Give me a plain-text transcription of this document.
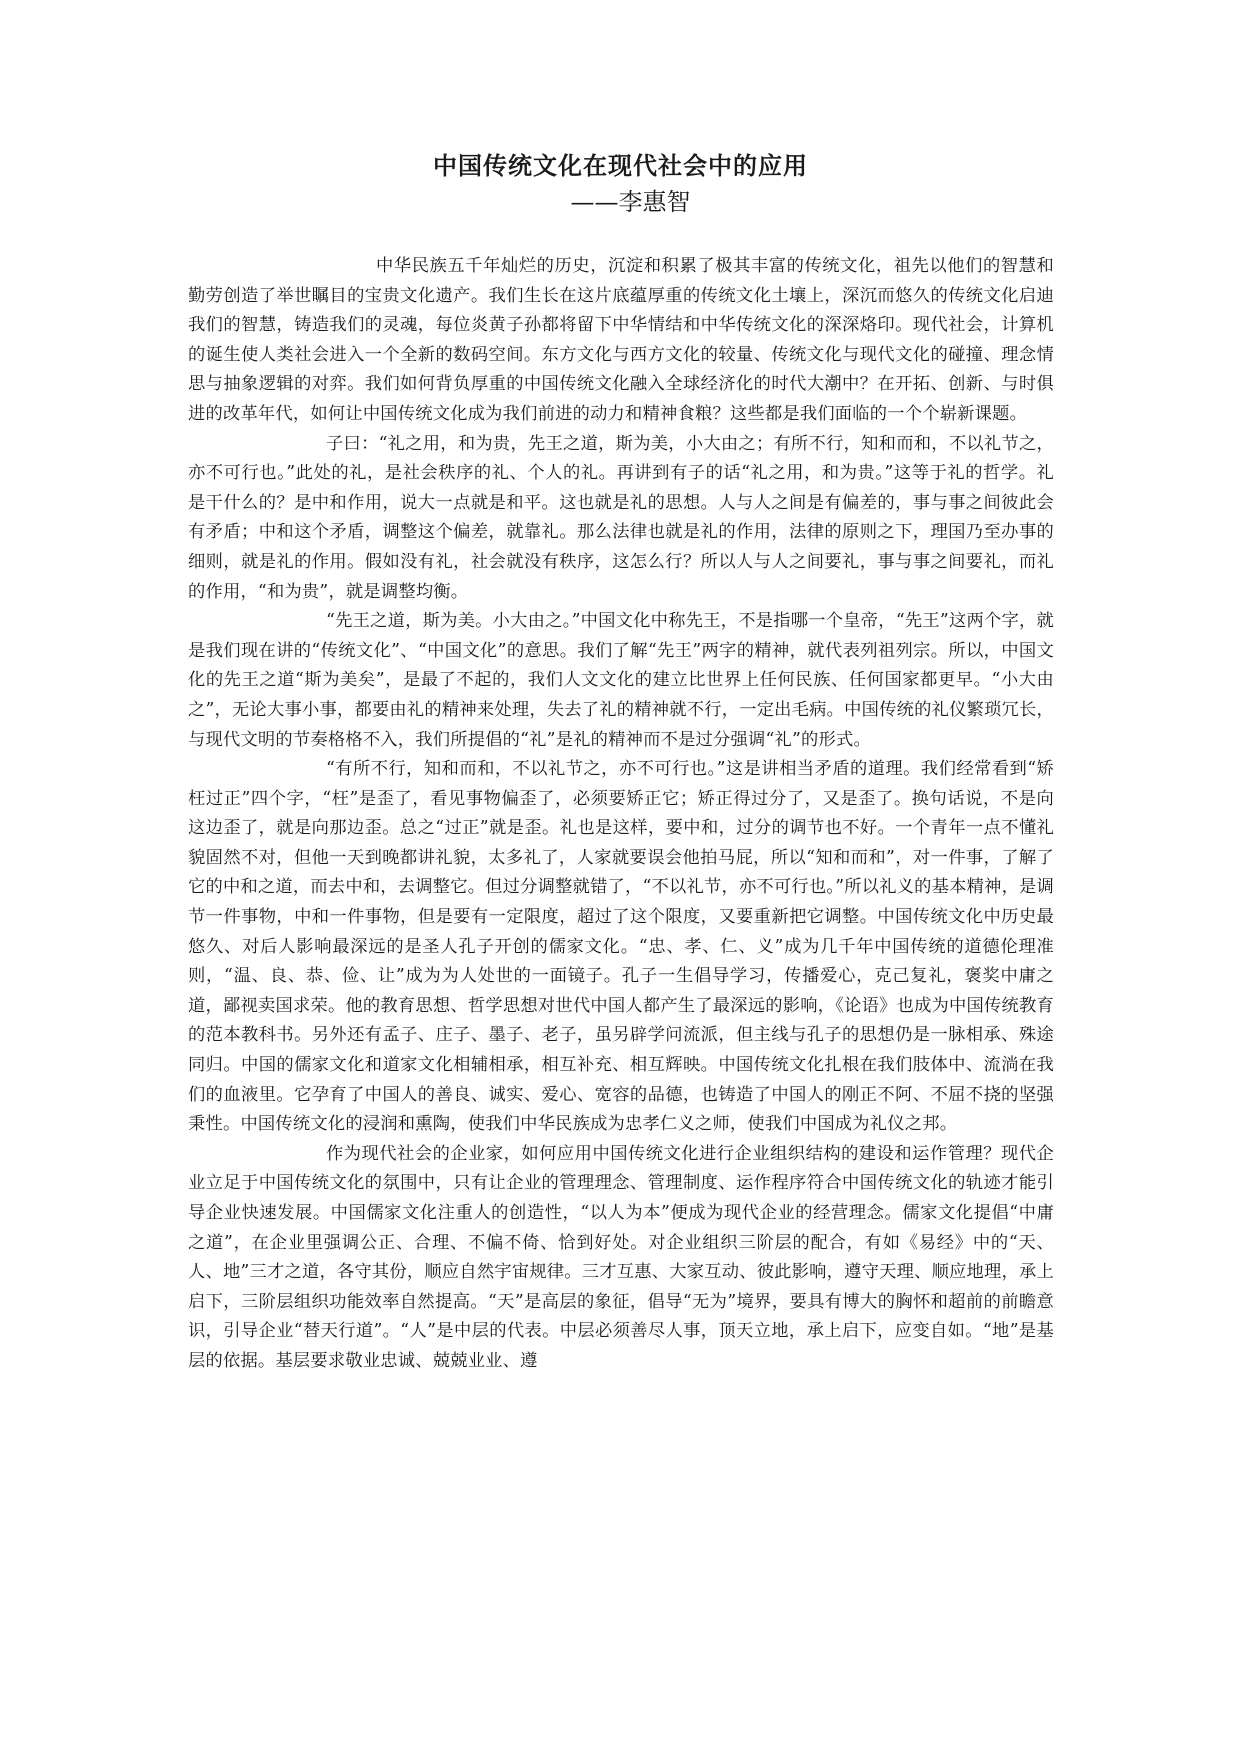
中国传统文化在现代社会中的应用
——李惠智

中华民族五千年灿烂的历史，沉淀和积累了极其丰富的传统文化，祖先以他们的智慧和勤劳创造了举世瞩目的宝贵文化遗产。我们生长在这片底蕴厚重的传统文化土壤上，深沉而悠久的传统文化启迪我们的智慧，铸造我们的灵魂，每位炎黄子孙都将留下中华情结和中华传统文化的深深烙印。现代社会，计算机的诞生使人类社会进入一个全新的数码空间。东方文化与西方文化的较量、传统文化与现代文化的碰撞、理念情思与抽象逻辑的对弈。我们如何背负厚重的中国传统文化融入全球经济化的时代大潮中？在开拓、创新、与时俱进的改革年代，如何让中国传统文化成为我们前进的动力和精神食粮？这些都是我们面临的一个个崭新课题。

子曰：“礼之用，和为贵，先王之道，斯为美，小大由之；有所不行，知和而和，不以礼节之，亦不可行也。”此处的礼，是社会秩序的礼、个人的礼。再讲到有子的话“礼之用，和为贵。”这等于礼的哲学。礼是干什么的？是中和作用，说大一点就是和平。这也就是礼的思想。人与人之间是有偏差的，事与事之间彼此会有矛盾；中和这个矛盾，调整这个偏差，就靠礼。那么法律也就是礼的作用，法律的原则之下，理国乃至办事的细则，就是礼的作用。假如没有礼，社会就没有秩序，这怎么行？所以人与人之间要礼，事与事之间要礼，而礼的作用，“和为贵”，就是调整均衡。

“先王之道，斯为美。小大由之。”中国文化中称先王，不是指哪一个皇帝，“先王”这两个字，就是我们现在讲的“传统文化”、“中国文化”的意思。我们了解“先王”两字的精神，就代表列祖列宗。所以，中国文化的先王之道“斯为美矣”，是最了不起的，我们人文文化的建立比世界上任何民族、任何国家都更早。“小大由之”，无论大事小事，都要由礼的精神来处理，失去了礼的精神就不行，一定出毛病。中国传统的礼仪繁琐冗长，与现代文明的节奏格格不入，我们所提倡的“礼”是礼的精神而不是过分强调“礼”的形式。

“有所不行，知和而和，不以礼节之，亦不可行也。”这是讲相当矛盾的道理。我们经常看到“矫枉过正”四个字，“枉”是歪了，看见事物偏歪了，必须要矫正它；矫正得过分了，又是歪了。换句话说，不是向这边歪了，就是向那边歪。总之“过正”就是歪。礼也是这样，要中和，过分的调节也不好。一个青年一点不懂礼貌固然不对，但他一天到晚都讲礼貌，太多礼了，人家就要误会他拍马屁，所以“知和而和”，对一件事，了解了它的中和之道，而去中和，去调整它。但过分调整就错了，“不以礼节，亦不可行也。”所以礼义的基本精神，是调节一件事物，中和一件事物，但是要有一定限度，超过了这个限度，又要重新把它调整。中国传统文化中历史最悠久、对后人影响最深远的是圣人孔子开创的儒家文化。“忠、孝、仁、义”成为几千年中国传统的道德伦理准则，“温、良、恭、俭、让”成为为人处世的一面镜子。孔子一生倡导学习，传播爱心，克己复礼，褒奖中庸之道，鄙视卖国求荣。他的教育思想、哲学思想对世代中国人都产生了最深远的影响，《论语》也成为中国传统教育的范本教科书。另外还有孟子、庄子、墨子、老子，虽另辟学问流派，但主线与孔子的思想仍是一脉相承、殊途同归。中国的儒家文化和道家文化相辅相承，相互补充、相互辉映。中国传统文化扎根在我们肢体中、流淌在我们的血液里。它孕育了中国人的善良、诚实、爱心、宽容的品德，也铸造了中国人的刚正不阿、不屈不挠的坚强秉性。中国传统文化的浸润和熏陶，使我们中华民族成为忠孝仁义之师，使我们中国成为礼仪之邦。

作为现代社会的企业家，如何应用中国传统文化进行企业组织结构的建设和运作管理？现代企业立足于中国传统文化的氛围中，只有让企业的管理理念、管理制度、运作程序符合中国传统文化的轨迹才能引导企业快速发展。中国儒家文化注重人的创造性，“以人为本”便成为现代企业的经营理念。儒家文化提倡“中庸之道”，在企业里强调公正、合理、不偏不倚、恰到好处。对企业组织三阶层的配合，有如《易经》中的“天、人、地”三才之道，各守其份，顺应自然宇宙规律。三才互惠、大家互动、彼此影响，遵守天理、顺应地理，承上启下，三阶层组织功能效率自然提高。“天”是高层的象征，倡导“无为”境界，要具有博大的胸怀和超前的前瞻意识，引导企业“替天行道”。“人”是中层的代表。中层必须善尽人事，顶天立地，承上启下，应变自如。“地”是基层的依据。基层要求敬业忠诚、兢兢业业、遵
